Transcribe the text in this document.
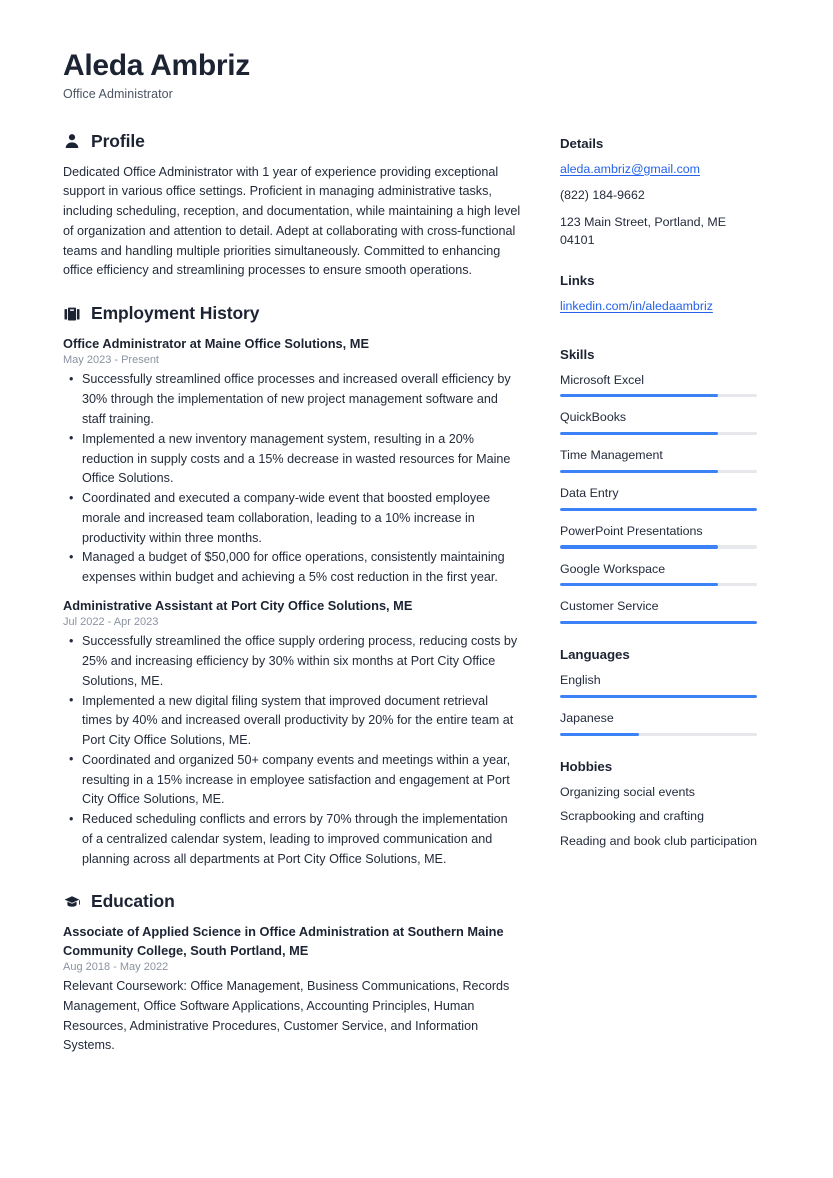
Aleda Ambriz
Office Administrator
Profile
Dedicated Office Administrator with 1 year of experience providing exceptional support in various office settings. Proficient in managing administrative tasks, including scheduling, reception, and documentation, while maintaining a high level of organization and attention to detail. Adept at collaborating with cross-functional teams and handling multiple priorities simultaneously. Committed to enhancing office efficiency and streamlining processes to ensure smooth operations.
Employment History
Office Administrator at Maine Office Solutions, ME
May 2023 - Present
• Successfully streamlined office processes and increased overall efficiency by 30% through the implementation of new project management software and staff training.
• Implemented a new inventory management system, resulting in a 20% reduction in supply costs and a 15% decrease in wasted resources for Maine Office Solutions.
• Coordinated and executed a company-wide event that boosted employee morale and increased team collaboration, leading to a 10% increase in productivity within three months.
• Managed a budget of $50,000 for office operations, consistently maintaining expenses within budget and achieving a 5% cost reduction in the first year.
Administrative Assistant at Port City Office Solutions, ME
Jul 2022 - Apr 2023
• Successfully streamlined the office supply ordering process, reducing costs by 25% and increasing efficiency by 30% within six months at Port City Office Solutions, ME.
• Implemented a new digital filing system that improved document retrieval times by 40% and increased overall productivity by 20% for the entire team at Port City Office Solutions, ME.
• Coordinated and organized 50+ company events and meetings within a year, resulting in a 15% increase in employee satisfaction and engagement at Port City Office Solutions, ME.
• Reduced scheduling conflicts and errors by 70% through the implementation of a centralized calendar system, leading to improved communication and planning across all departments at Port City Office Solutions, ME.
Education
Associate of Applied Science in Office Administration at Southern Maine Community College, South Portland, ME
Aug 2018 - May 2022
Relevant Coursework: Office Management, Business Communications, Records Management, Office Software Applications, Accounting Principles, Human Resources, Administrative Procedures, Customer Service, and Information Systems.
Details
aleda.ambriz@gmail.com
(822) 184-9662
123 Main Street, Portland, ME 04101
Links
linkedin.com/in/aledaambriz
Skills
Microsoft Excel
QuickBooks
Time Management
Data Entry
PowerPoint Presentations
Google Workspace
Customer Service
Languages
English
Japanese
Hobbies
Organizing social events
Scrapbooking and crafting
Reading and book club participation
